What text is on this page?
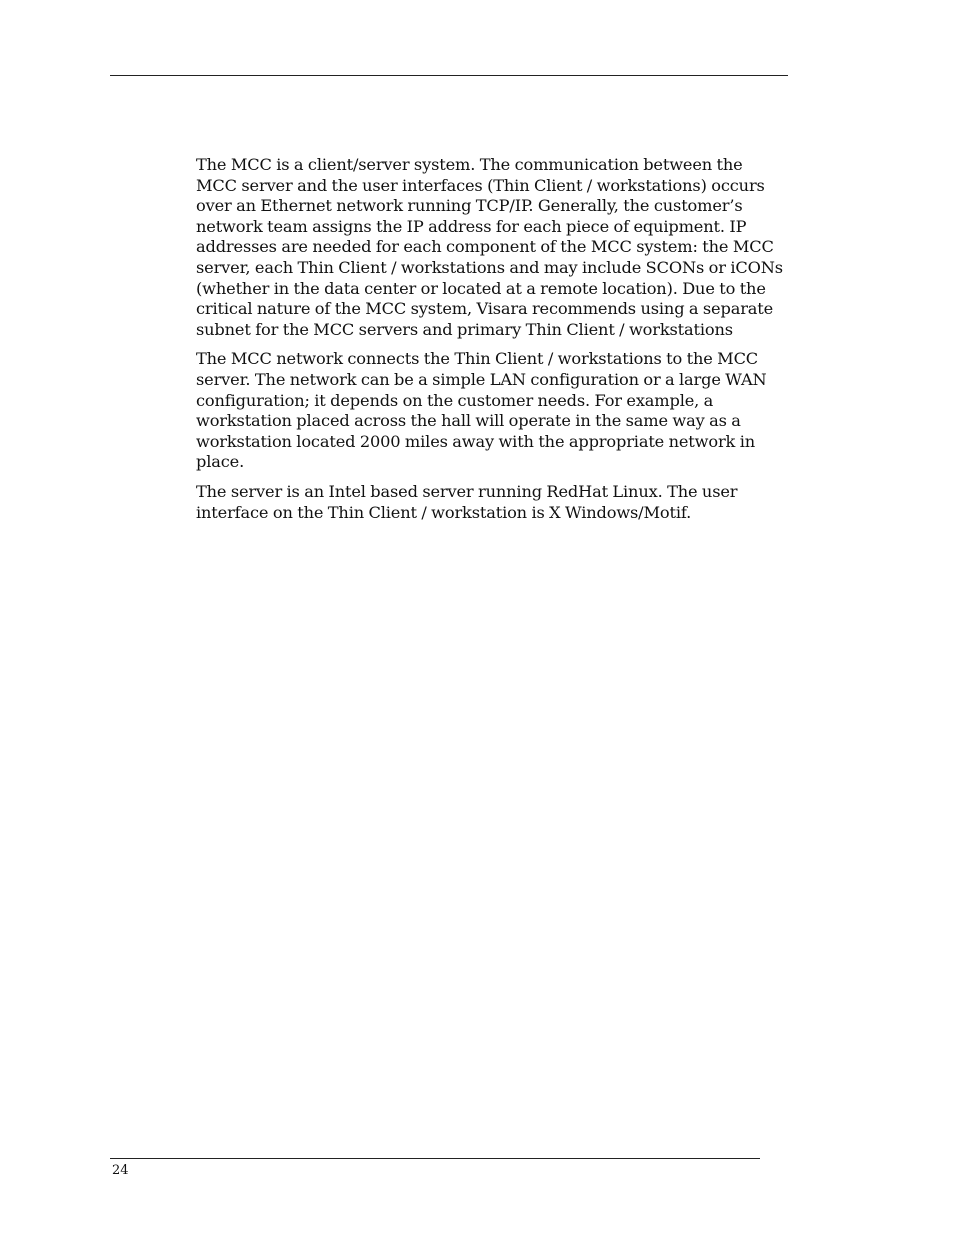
The MCC is a client/server system. The communication between the MCC server and the user interfaces (Thin Client / workstations) occurs over an Ethernet network running TCP/IP. Generally, the customer’s network team assigns the IP address for each piece of equipment. IP addresses are needed for each component of the MCC system: the MCC server, each Thin Client / workstations and may include SCONs or iCONs (whether in the data center or located at a remote location). Due to the critical nature of the MCC system, Visara recommends using a separate subnet for the MCC servers and primary Thin Client / workstations

The MCC network connects the Thin Client / workstations to the MCC server. The network can be a simple LAN configuration or a large WAN configuration; it depends on the customer needs. For example, a workstation placed across the hall will operate in the same way as a workstation located 2000 miles away with the appropriate network in place.

The server is an Intel based server running RedHat Linux. The user interface on the Thin Client / workstation is X Windows/Motif.

24
